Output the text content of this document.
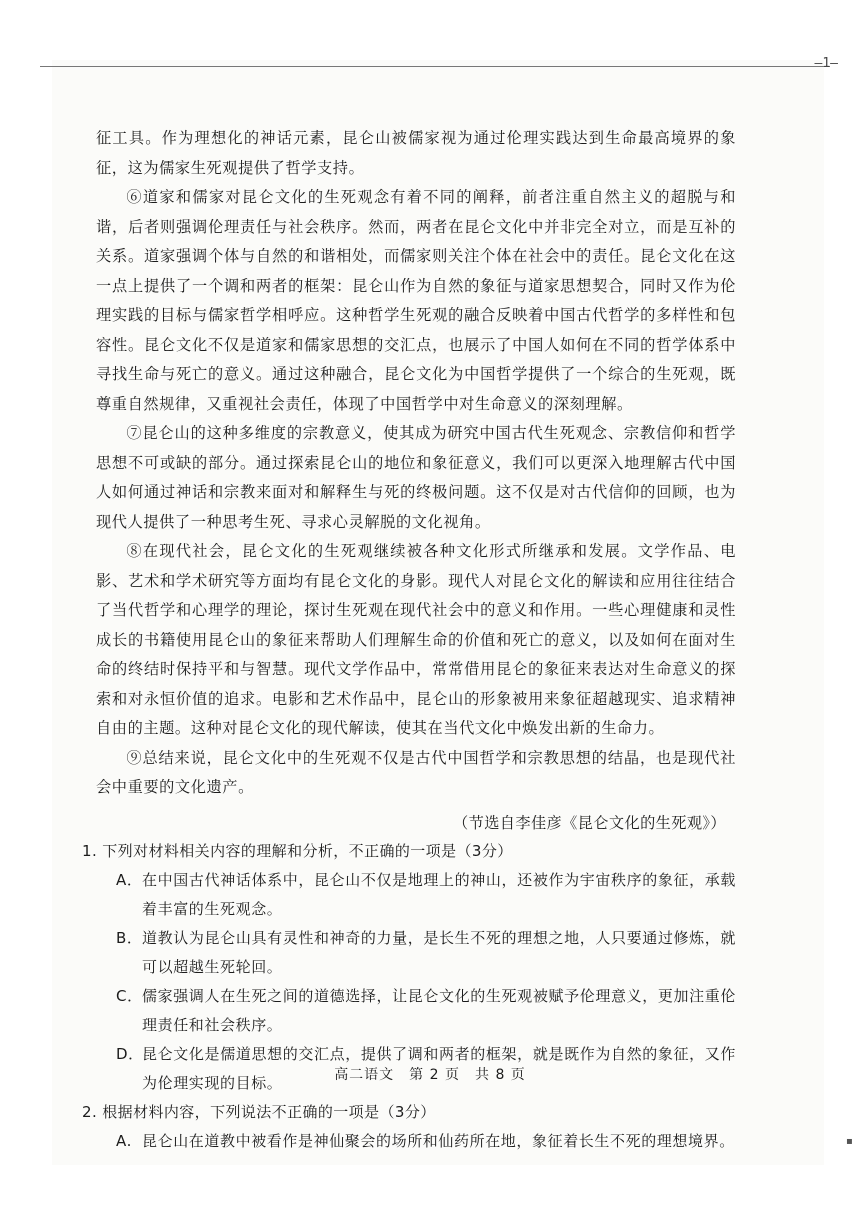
—1—

征工具。作为理想化的神话元素，昆仑山被儒家视为通过伦理实践达到生命最高境界的象征，这为儒家生死观提供了哲学支持。

⑥道家和儒家对昆仑文化的生死观念有着不同的阐释，前者注重自然主义的超脱与和谐，后者则强调伦理责任与社会秩序。然而，两者在昆仑文化中并非完全对立，而是互补的关系。道家强调个体与自然的和谐相处，而儒家则关注个体在社会中的责任。昆仑文化在这一点上提供了一个调和两者的框架：昆仑山作为自然的象征与道家思想契合，同时又作为伦理实践的目标与儒家哲学相呼应。这种哲学生死观的融合反映着中国古代哲学的多样性和包容性。昆仑文化不仅是道家和儒家思想的交汇点，也展示了中国人如何在不同的哲学体系中寻找生命与死亡的意义。通过这种融合，昆仑文化为中国哲学提供了一个综合的生死观，既尊重自然规律，又重视社会责任，体现了中国哲学中对生命意义的深刻理解。

⑦昆仑山的这种多维度的宗教意义，使其成为研究中国古代生死观念、宗教信仰和哲学思想不可或缺的部分。通过探索昆仑山的地位和象征意义，我们可以更深入地理解古代中国人如何通过神话和宗教来面对和解释生与死的终极问题。这不仅是对古代信仰的回顾，也为现代人提供了一种思考生死、寻求心灵解脱的文化视角。

⑧在现代社会，昆仑文化的生死观继续被各种文化形式所继承和发展。文学作品、电影、艺术和学术研究等方面均有昆仑文化的身影。现代人对昆仑文化的解读和应用往往结合了当代哲学和心理学的理论，探讨生死观在现代社会中的意义和作用。一些心理健康和灵性成长的书籍使用昆仑山的象征来帮助人们理解生命的价值和死亡的意义，以及如何在面对生命的终结时保持平和与智慧。现代文学作品中，常常借用昆仑的象征来表达对生命意义的探索和对永恒价值的追求。电影和艺术作品中，昆仑山的形象被用来象征超越现实、追求精神自由的主题。这种对昆仑文化的现代解读，使其在当代文化中焕发出新的生命力。

⑨总结来说，昆仑文化中的生死观不仅是古代中国哲学和宗教思想的结晶，也是现代社会中重要的文化遗产。

（节选自李佳彦《昆仑文化的生死观》）

1. 下列对材料相关内容的理解和分析，不正确的一项是（3分）

A．在中国古代神话体系中，昆仑山不仅是地理上的神山，还被作为宇宙秩序的象征，承载着丰富的生死观念。

B．道教认为昆仑山具有灵性和神奇的力量，是长生不死的理想之地，人只要通过修炼，就可以超越生死轮回。

C．儒家强调人在生死之间的道德选择，让昆仑文化的生死观被赋予伦理意义，更加注重伦理责任和社会秩序。

D．昆仑文化是儒道思想的交汇点，提供了调和两者的框架，就是既作为自然的象征，又作为伦理实现的目标。

2. 根据材料内容，下列说法不正确的一项是（3分）

A. 昆仑山在道教中被看作是神仙聚会的场所和仙药所在地，象征着长生不死的理想境界。

高二语文　第 2 页　共 8 页
▪
